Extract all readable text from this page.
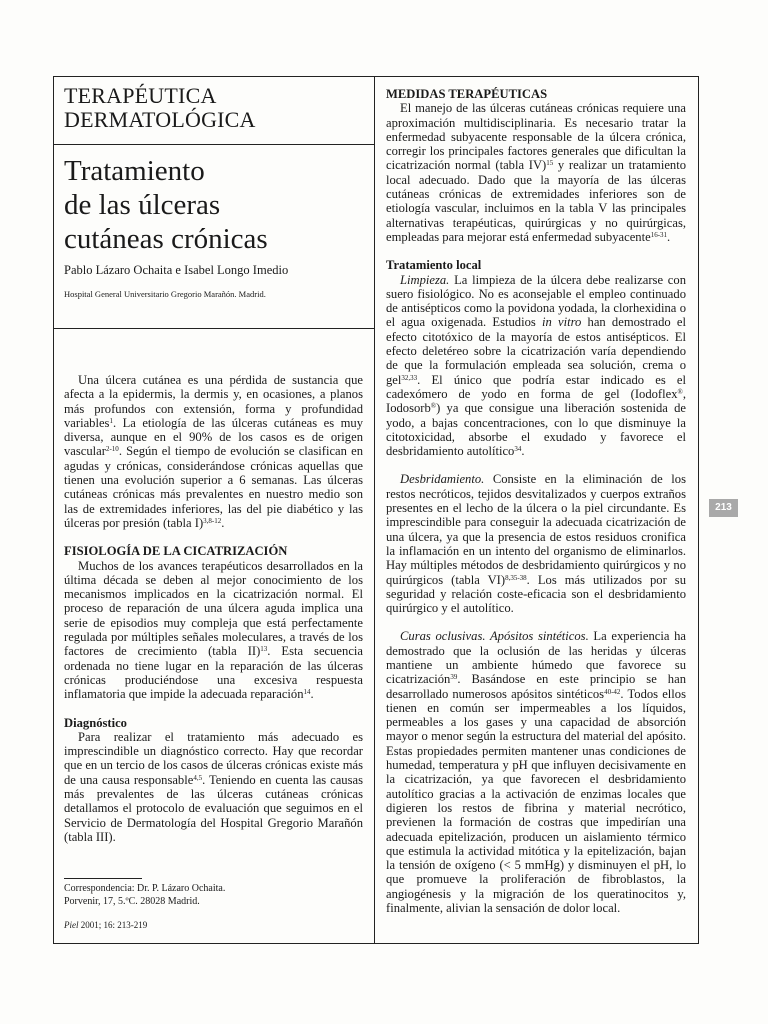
TERAPÉUTICA
DERMATOLÓGICA
Tratamiento
de las úlceras
cutáneas crónicas
Pablo Lázaro Ochaita e Isabel Longo Imedio
Hospital General Universitario Gregorio Marañón. Madrid.

Una úlcera cutánea es una pérdida de sustancia que afecta a la epidermis, la dermis y, en ocasiones, a planos más profundos con extensión, forma y profundidad variables$^1$. La etiología de las úlceras cutáneas es muy diversa, aunque en el 90% de los casos es de origen vascular$^{2-10}$. Según el tiempo de evolución se clasifican en agudas y crónicas, considerándose crónicas aquellas que tienen una evolución superior a 6 semanas. Las úlceras cutáneas crónicas más prevalentes en nuestro medio son las de extremidades inferiores, las del pie diabético y las úlceras por presión (tabla I)$^{3,8-12}$.

FISIOLOGÍA DE LA CICATRIZACIÓN

Muchos de los avances terapéuticos desarrollados en la última década se deben al mejor conocimiento de los mecanismos implicados en la cicatrización normal. El proceso de reparación de una úlcera aguda implica una serie de episodios muy compleja que está perfectamente regulada por múltiples señales moleculares, a través de los factores de crecimiento (tabla II)$^{13}$. Esta secuencia ordenada no tiene lugar en la reparación de las úlceras crónicas produciéndose una excesiva respuesta inflamatoria que impide la adecuada reparación$^{14}$.

Diagnóstico

Para realizar el tratamiento más adecuado es imprescindible un diagnóstico correcto. Hay que recordar que en un tercio de los casos de úlceras crónicas existe más de una causa responsable$^{4,5}$. Teniendo en cuenta las causas más prevalentes de las úlceras cutáneas crónicas detallamos el protocolo de evaluación que seguimos en el Servicio de Dermatología del Hospital Gregorio Marañón (tabla III).

Correspondencia: Dr. P. Lázaro Ochaita.
Porvenir, 17, 5.ºC. 28028 Madrid.
Piel 2001; 16: 213-219
MEDIDAS TERAPÉUTICAS

El manejo de las úlceras cutáneas crónicas requiere una aproximación multidisciplinaria. Es necesario tratar la enfermedad subyacente responsable de la úlcera crónica, corregir los principales factores generales que dificultan la cicatrización normal (tabla IV)$^{15}$ y realizar un tratamiento local adecuado. Dado que la mayoría de las úlceras cutáneas crónicas de extremidades inferiores son de etiología vascular, incluimos en la tabla V las principales alternativas terapéuticas, quirúrgicas y no quirúrgicas, empleadas para mejorar está enfermedad subyacente$^{16-31}$.

Tratamiento local

Limpieza. La limpieza de la úlcera debe realizarse con suero fisiológico. No es aconsejable el empleo continuado de antisépticos como la povidona yodada, la clorhexidina o el agua oxigenada. Estudios in vitro han demostrado el efecto citotóxico de la mayoría de estos antisépticos. El efecto deletéreo sobre la cicatrización varía dependiendo de que la formulación empleada sea solución, crema o gel$^{32,33}$. El único que podría estar indicado es el cadexómero de yodo en forma de gel (Iodoflex®, Iodosorb®) ya que consigue una liberación sostenida de yodo, a bajas concentraciones, con lo que disminuye la citotoxicidad, absorbe el exudado y favorece el desbridamiento autolítico$^{34}$.

Desbridamiento. Consiste en la eliminación de los restos necróticos, tejidos desvitalizados y cuerpos extraños presentes en el lecho de la úlcera o la piel circundante. Es imprescindible para conseguir la adecuada cicatrización de una úlcera, ya que la presencia de estos residuos cronifica la inflamación en un intento del organismo de eliminarlos. Hay múltiples métodos de desbridamiento quirúrgicos y no quirúrgicos (tabla VI)$^{8,35-38}$. Los más utilizados por su seguridad y relación coste-eficacia son el desbridamiento quirúrgico y el autolítico.

Curas oclusivas. Apósitos sintéticos. La experiencia ha demostrado que la oclusión de las heridas y úlceras mantiene un ambiente húmedo que favorece su cicatrización$^{39}$. Basándose en este principio se han desarrollado numerosos apósitos sintéticos$^{40-42}$. Todos ellos tienen en común ser impermeables a los líquidos, permeables a los gases y una capacidad de absorción mayor o menor según la estructura del material del apósito. Estas propiedades permiten mantener unas condiciones de humedad, temperatura y pH que influyen decisivamente en la cicatrización, ya que favorecen el desbridamiento autolítico gracias a la activación de enzimas locales que digieren los restos de fibrina y material necrótico, previenen la formación de costras que impedirían una adecuada epitelización, producen un aislamiento térmico que estimula la actividad mitótica y la epitelización, bajan la tensión de oxígeno (< 5 mmHg) y disminuyen el pH, lo que promueve la proliferación de fibroblastos, la angiogénesis y la migración de los queratinocitos y, finalmente, alivian la sensación de dolor local.

213
